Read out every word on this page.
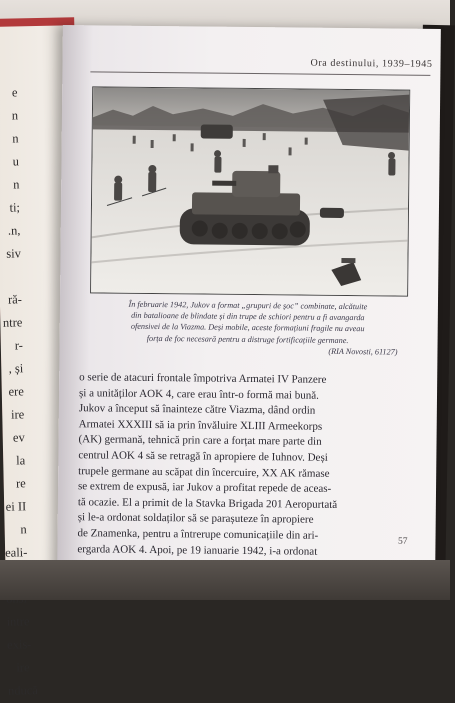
e
n
n
u
n
ti;
.n,
siv

ră-
ntre
r-
, și
ere
ire
ev la
re
ei II
n
eali-

intre
exis-
ire
nducă
Ora destinului, 1939–1945
În februarie 1942, Jukov a format „grupuri de șoc” combinate, alcătuite
din batalioane de blindate și din trupe de schiori pentru a fi avangarda
ofensivei de la Viazma. Deși mobile, aceste formațiuni fragile nu aveau
forța de foc necesară pentru a distruge fortificațiile germane.
(RIA Novosti, 61127)
o serie de atacuri frontale împotriva Armatei IV Panzere
și a unităților AOK 4, care erau într-o formă mai bună.
Jukov a început să înainteze către Viazma, dând ordin
Armatei XXXIII să ia prin învăluire XLIII Armeekorps
(AK) germană, tehnică prin care a forțat mare parte din
centrul AOK 4 să se retragă în apropiere de Iuhnov. Deși
trupele germane au scăpat din încercuire, XX AK rămase
se extrem de expusă, iar Jukov a profitat repede de aceas-
tă ocazie. El a primit de la Stavka Brigada 201 Aeropurtată
și le-a ordonat soldaților să se parașuteze în apropiere
de Znamenka, pentru a întrerupe comunicațiile din ari-
ergarda AOK 4. Apoi, pe 19 ianuarie 1942, i-a ordonat
57
